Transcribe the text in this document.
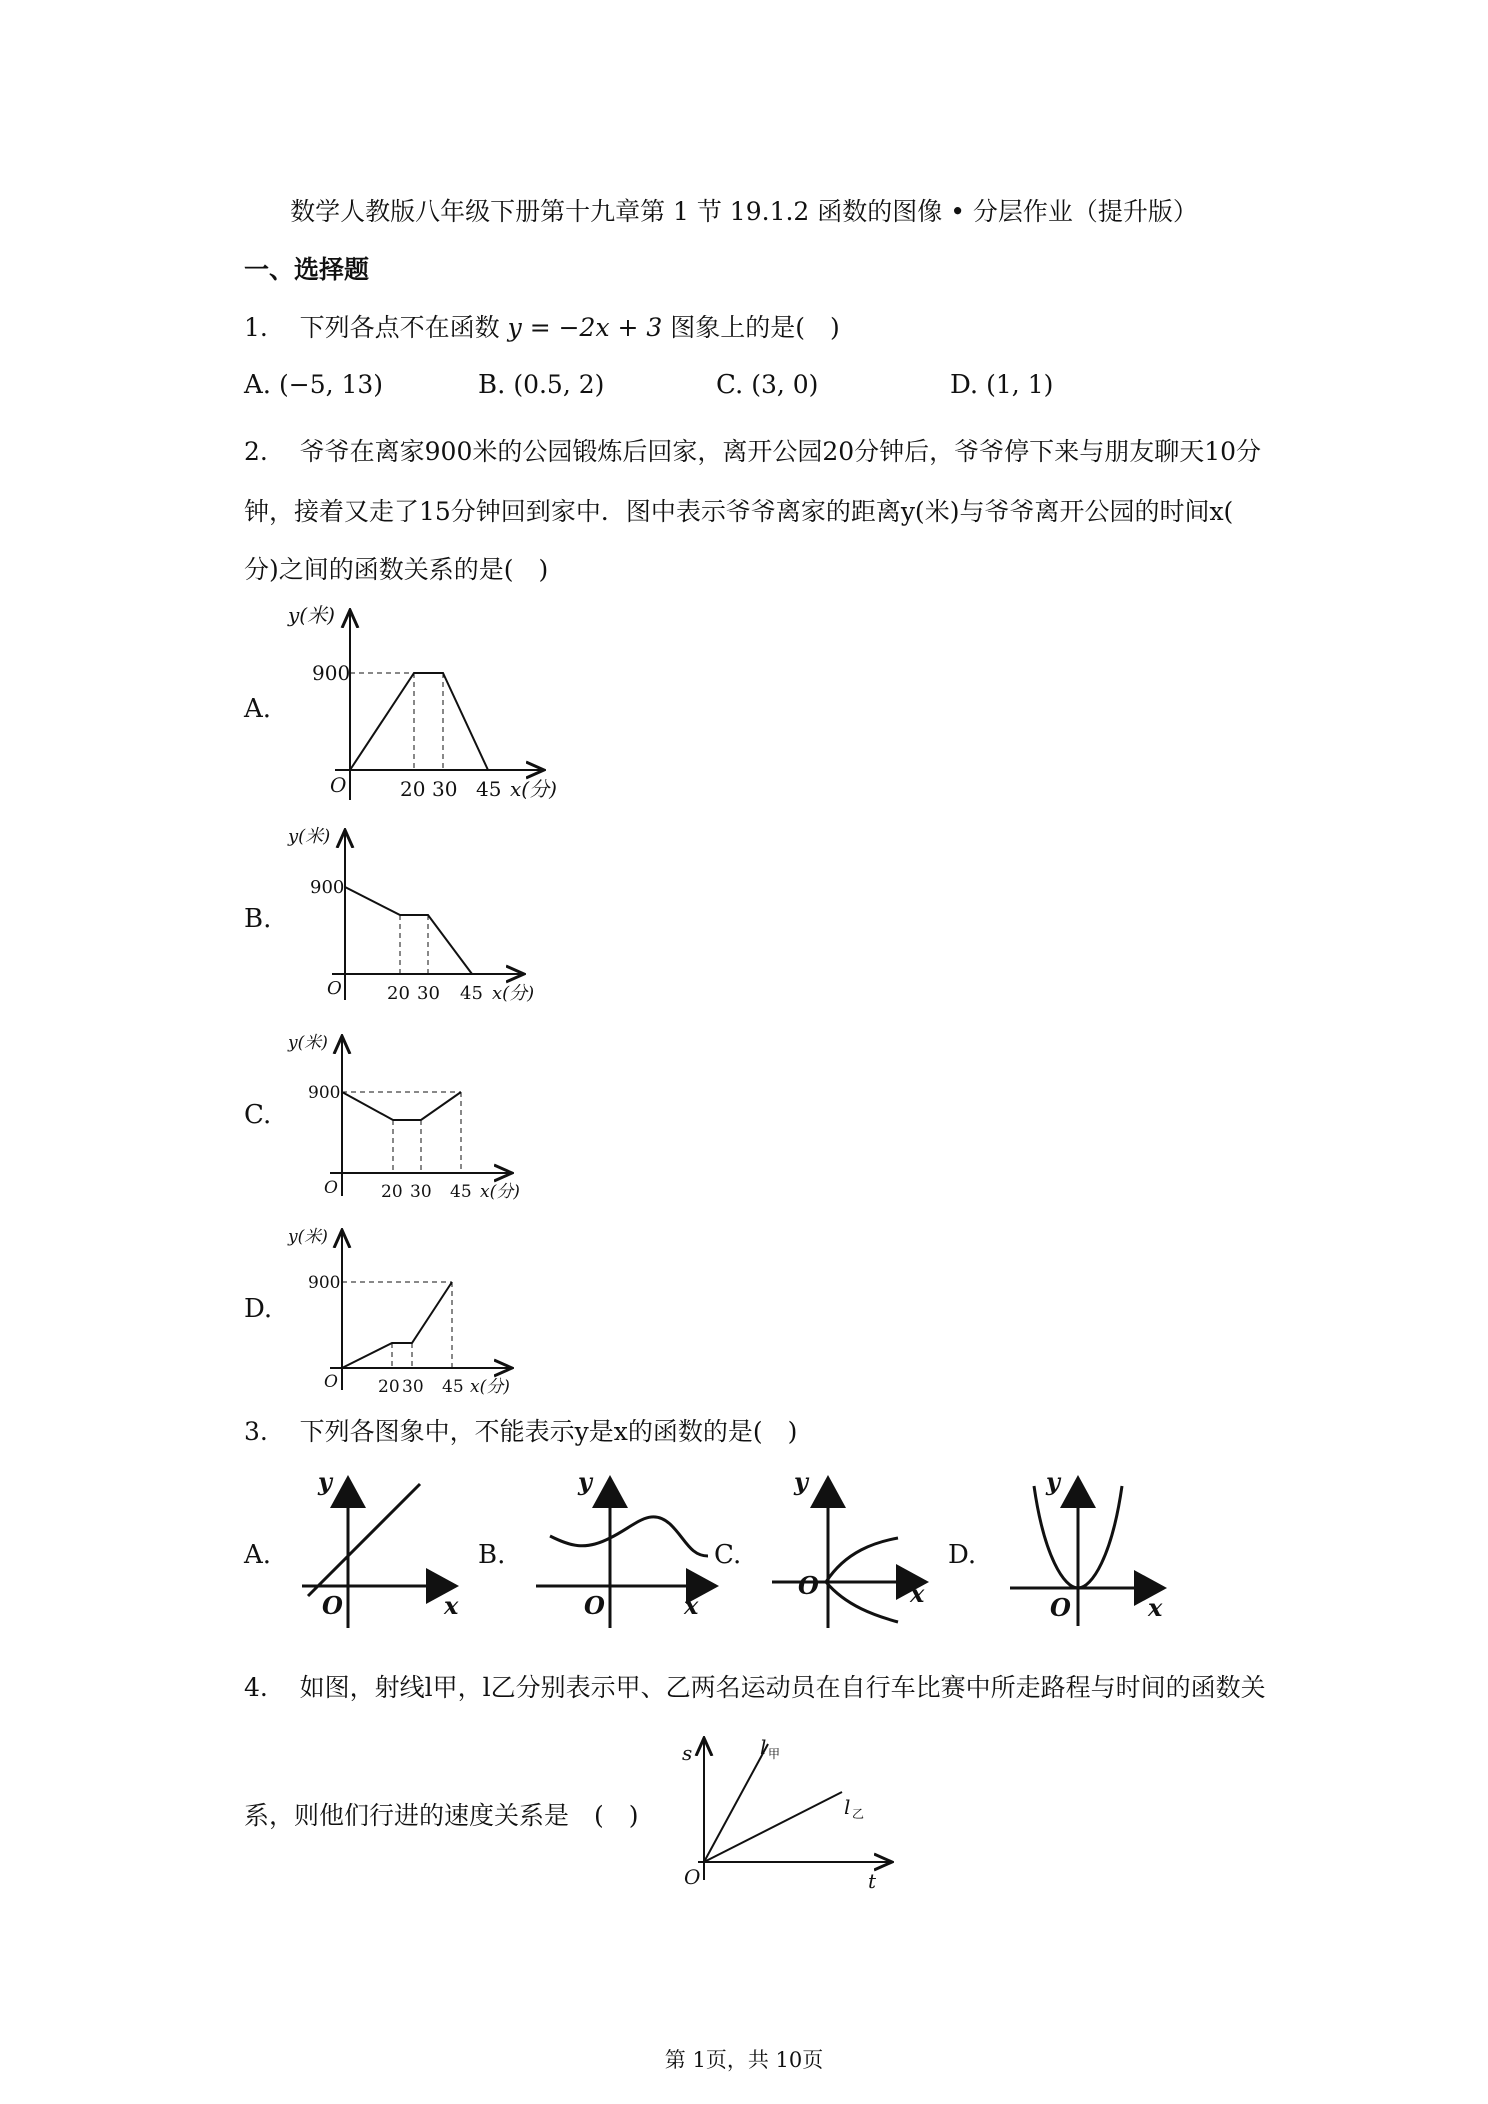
数学人教版八年级下册第十九章第 1 节 19.1.2 函数的图像 • 分层作业（提升版）
一、选择题
1. 下列各点不在函数 y = −2x + 3 图象上的是(　)
A. (−5, 13)	B. (0.5, 2)	C. (3, 0)	D. (1, 1)
2. 爷爷在离家900米的公园锻炼后回家，离开公园20分钟后，爷爷停下来与朋友聊天10分
钟，接着又走了15分钟回到家中．图中表示爷爷离家的距离y(米)与爷爷离开公园的时间x(
分)之间的函数关系的是(　)
A.
B.
C.
D.
y(米)
900
O	20 30 45 x(分)
y(米)
900
O	20 30 45 x(分)
y(米)
900
O	20 30 45 x(分)
y(米)
900
O 20 30 45 x(分)
3. 下列各图象中，不能表示y是x的函数的是(　)
A.	B.	C.	D.
y
O	x
y
O	x
y
O	x
y
O	x
4. 如图，射线l甲，l乙分别表示甲、乙两名运动员在自行车比赛中所走路程与时间的函数关
系，则他们行进的速度关系是　(　)
s
O	t
l 甲
l 乙
第 1页，共 10页
